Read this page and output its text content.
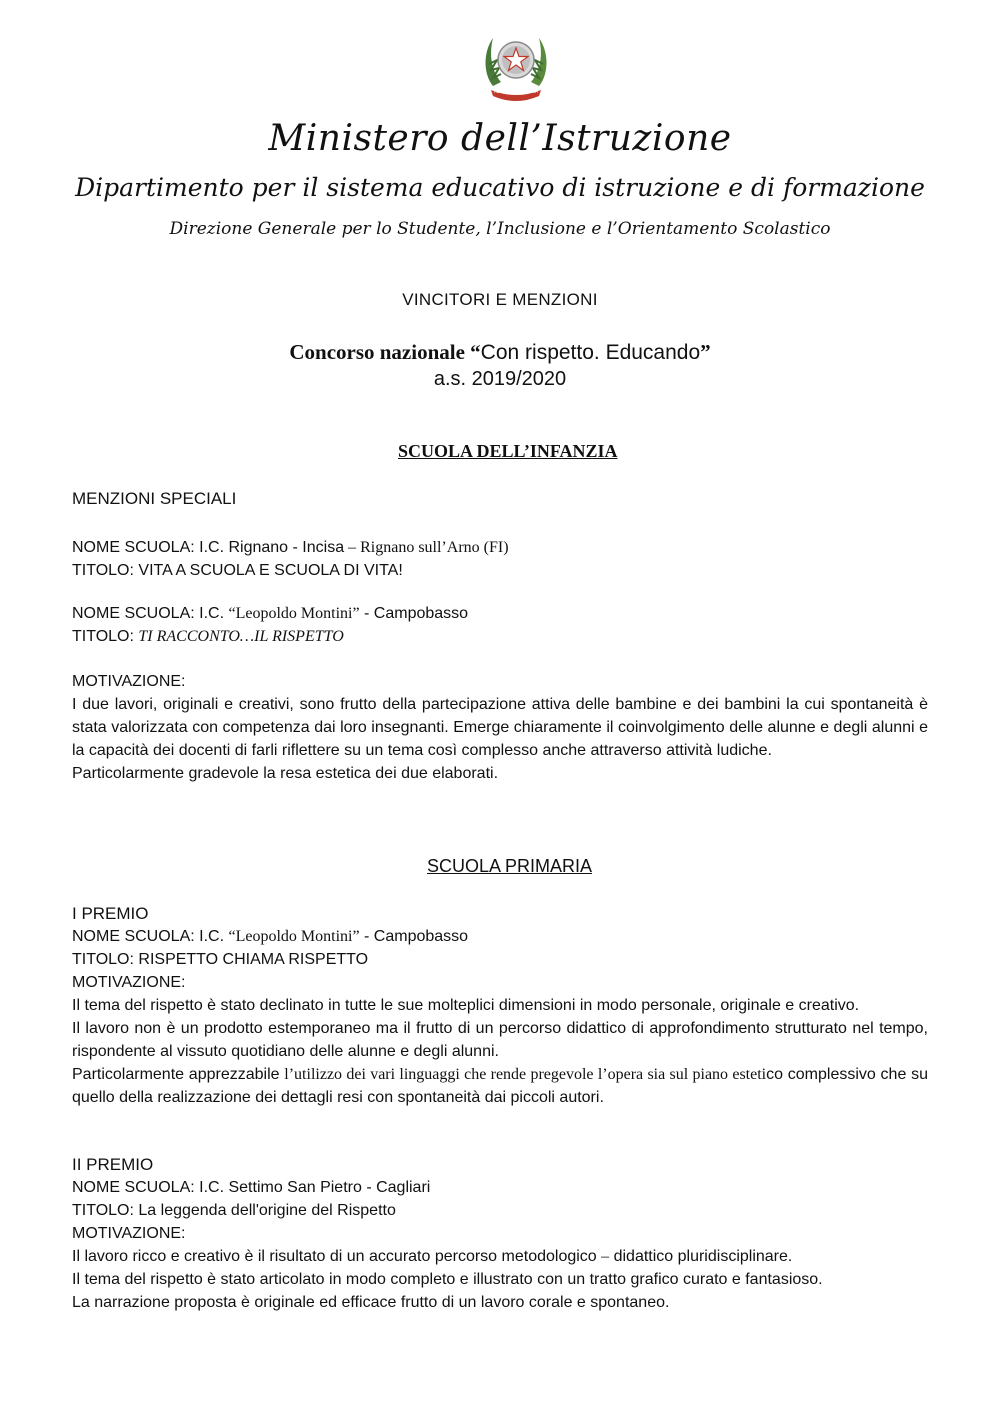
REPUBBLICA ITALIANA
Ministero dell’Istruzione
Dipartimento per il sistema educativo di istruzione e di formazione
Direzione Generale per lo Studente, l’Inclusione e l’Orientamento Scolastico
VINCITORI E MENZIONI
Concorso nazionale “Con rispetto. Educando”
a.s. 2019/2020
SCUOLA DELL’INFANZIA
MENZIONI SPECIALI

NOME SCUOLA: I.C. Rignano - Incisa – Rignano sull’Arno (FI)

TITOLO: VITA A SCUOLA E SCUOLA DI VITA!

NOME SCUOLA: I.C. “Leopoldo Montini” - Campobasso

TITOLO: TI RACCONTO…IL RISPETTO

MOTIVAZIONE:

I due lavori, originali e creativi, sono frutto della partecipazione attiva delle bambine e dei bambini la cui spontaneità è stata valorizzata con competenza dai loro insegnanti. Emerge chiaramente il coinvolgimento delle alunne e degli alunni e la capacità dei docenti di farli riflettere su un tema così complesso anche attraverso attività ludiche.

Particolarmente gradevole la resa estetica dei due elaborati.

SCUOLA PRIMARIA

I PREMIO

NOME SCUOLA: I.C. “Leopoldo Montini” - Campobasso

TITOLO: RISPETTO CHIAMA RISPETTO

MOTIVAZIONE:

Il tema del rispetto è stato declinato in tutte le sue molteplici dimensioni in modo personale, originale e creativo.

Il lavoro non è un prodotto estemporaneo ma il frutto di un percorso didattico di approfondimento strutturato nel tempo, rispondente al vissuto quotidiano delle alunne e degli alunni.

Particolarmente apprezzabile l’utilizzo dei vari linguaggi che rende pregevole l’opera sia sul piano estetico complessivo che su quello della realizzazione dei dettagli resi con spontaneità dai piccoli autori.

II PREMIO

NOME SCUOLA: I.C. Settimo San Pietro - Cagliari

TITOLO: La leggenda dell'origine del Rispetto

MOTIVAZIONE:

Il lavoro ricco e creativo è il risultato di un accurato percorso metodologico – didattico pluridisciplinare.

Il tema del rispetto è stato articolato in modo completo e illustrato con un tratto grafico curato e fantasioso.

La narrazione proposta è originale ed efficace frutto di un lavoro corale e spontaneo.
